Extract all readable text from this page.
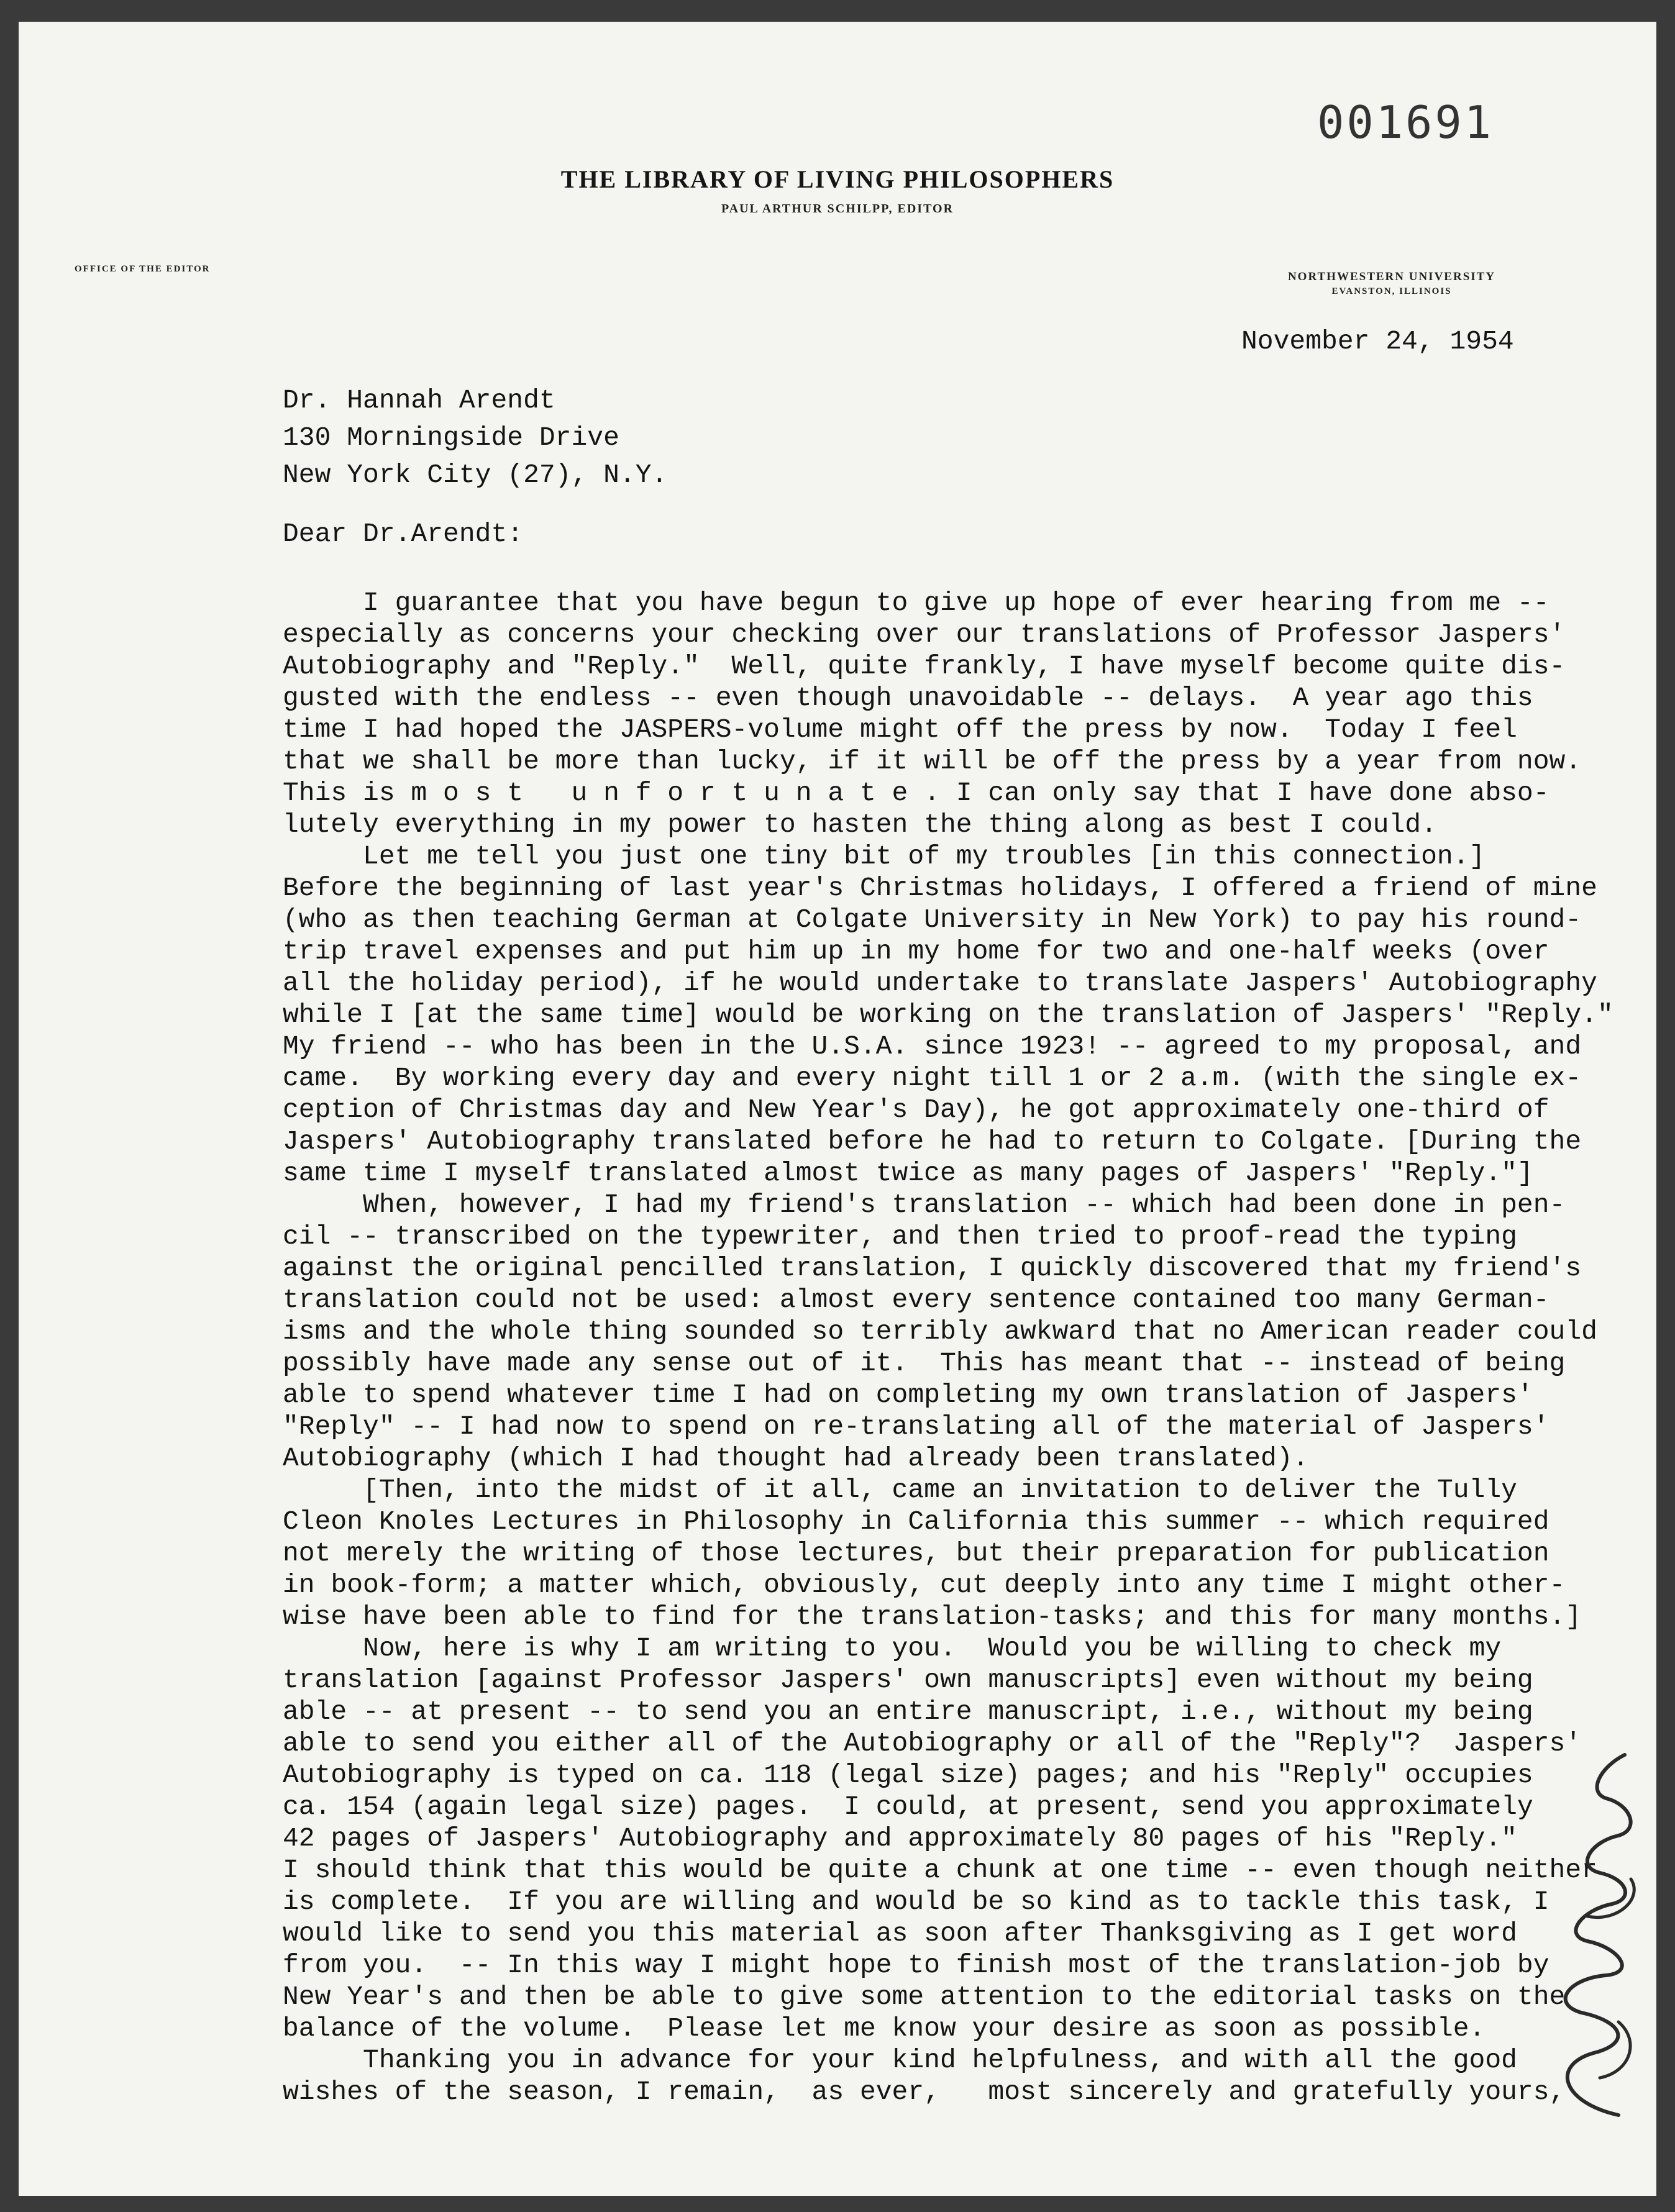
001691
THE LIBRARY OF LIVING PHILOSOPHERS
PAUL ARTHUR SCHILPP, EDITOR
OFFICE OF THE EDITOR
NORTHWESTERN UNIVERSITY
EVANSTON, ILLINOIS
November 24, 1954
Dr. Hannah Arendt
130 Morningside Drive
New York City (27), N.Y.
Dear Dr.Arendt:
I guarantee that you have begun to give up hope of ever hearing from me --
especially as concerns your checking over our translations of Professor Jaspers'
Autobiography and "Reply."  Well, quite frankly, I have myself become quite dis-
gusted with the endless -- even though unavoidable -- delays.  A year ago this
time I had hoped the JASPERS-volume might off the press by now.  Today I feel
that we shall be more than lucky, if it will be off the press by a year from now.
This is m o s t   u n f o r t u n a t e . I can only say that I have done abso-
lutely everything in my power to hasten the thing along as best I could.
Let me tell you just one tiny bit of my troubles [in this connection.]
Before the beginning of last year's Christmas holidays, I offered a friend of mine
(who as then teaching German at Colgate University in New York) to pay his round-
trip travel expenses and put him up in my home for two and one-half weeks (over
all the holiday period), if he would undertake to translate Jaspers' Autobiography
while I [at the same time] would be working on the translation of Jaspers' "Reply."
My friend -- who has been in the U.S.A. since 1923! -- agreed to my proposal, and
came.  By working every day and every night till 1 or 2 a.m. (with the single ex-
ception of Christmas day and New Year's Day), he got approximately one-third of
Jaspers' Autobiography translated before he had to return to Colgate. [During the
same time I myself translated almost twice as many pages of Jaspers' "Reply."]
When, however, I had my friend's translation -- which had been done in pen-
cil -- transcribed on the typewriter, and then tried to proof-read the typing
against the original pencilled translation, I quickly discovered that my friend's
translation could not be used: almost every sentence contained too many German-
isms and the whole thing sounded so terribly awkward that no American reader could
possibly have made any sense out of it.  This has meant that -- instead of being
able to spend whatever time I had on completing my own translation of Jaspers'
"Reply" -- I had now to spend on re-translating all of the material of Jaspers'
Autobiography (which I had thought had already been translated).
[Then, into the midst of it all, came an invitation to deliver the Tully
Cleon Knoles Lectures in Philosophy in California this summer -- which required
not merely the writing of those lectures, but their preparation for publication
in book-form; a matter which, obviously, cut deeply into any time I might other-
wise have been able to find for the translation-tasks; and this for many months.]
Now, here is why I am writing to you.  Would you be willing to check my
translation [against Professor Jaspers' own manuscripts] even without my being
able -- at present -- to send you an entire manuscript, i.e., without my being
able to send you either all of the Autobiography or all of the "Reply"?  Jaspers'
Autobiography is typed on ca. 118 (legal size) pages; and his "Reply" occupies
ca. 154 (again legal size) pages.  I could, at present, send you approximately
42 pages of Jaspers' Autobiography and approximately 80 pages of his "Reply."
I should think that this would be quite a chunk at one time -- even though neither
is complete.  If you are willing and would be so kind as to tackle this task, I
would like to send you this material as soon after Thanksgiving as I get word
from you.  -- In this way I might hope to finish most of the translation-job by
New Year's and then be able to give some attention to the editorial tasks on the
balance of the volume.  Please let me know your desire as soon as possible.
Thanking you in advance for your kind helpfulness, and with all the good
wishes of the season, I remain,  as ever,   most sincerely and gratefully yours,
